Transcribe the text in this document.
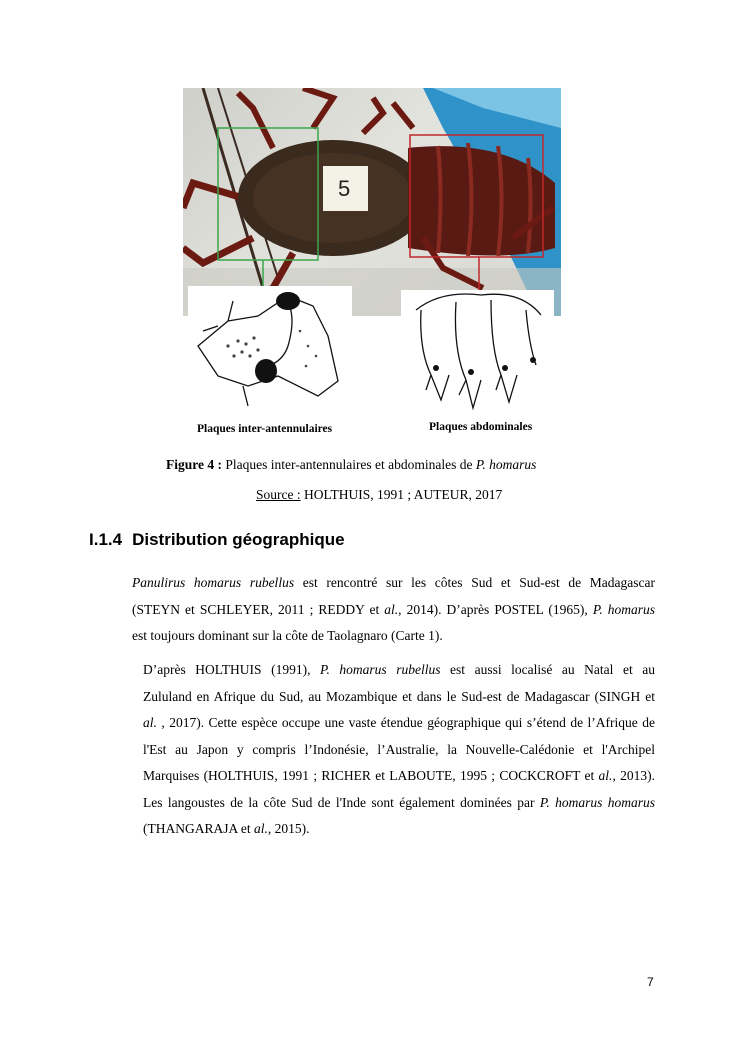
5
Plaques inter-antennulaires	Plaques abdominales
Figure 4 : Plaques inter-antennulaires et abdominales de P. homarus
Source : HOLTHUIS, 1991 ; AUTEUR, 2017
I.1.4 Distribution géographique
Panulirus homarus rubellus est rencontré sur les côtes Sud et Sud-est de Madagascar
(STEYN et SCHLEYER, 2011 ; REDDY et al., 2014). D’après POSTEL (1965), P. homarus
est toujours dominant sur la côte de Taolagnaro (Carte 1).
D’après HOLTHUIS (1991), P. homarus rubellus est aussi localisé au Natal et au
Zululand en Afrique du Sud, au Mozambique et dans le Sud-est de Madagascar (SINGH et
al. , 2017). Cette espèce occupe une vaste étendue géographique qui s’étend de l’Afrique de
l'Est au Japon y compris l’Indonésie, l’Australie, la Nouvelle-Calédonie et l'Archipel
Marquises (HOLTHUIS, 1991 ; RICHER et LABOUTE, 1995 ; COCKCROFT et al., 2013).
Les langoustes de la côte Sud de l'Inde sont également dominées par P. homarus homarus
(THANGARAJA et al., 2015).
7
